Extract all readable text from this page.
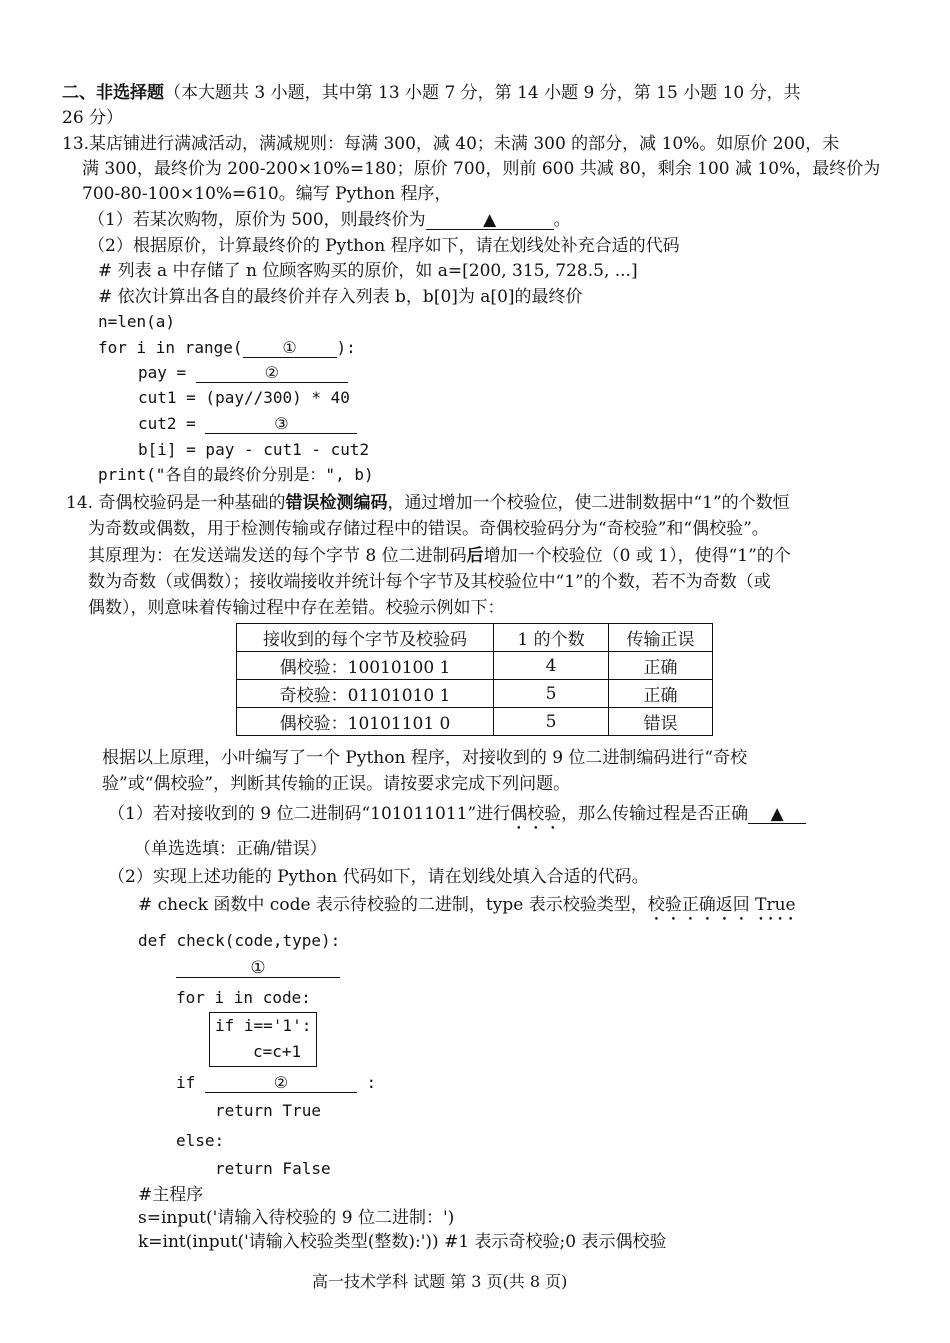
二、非选择题（本大题共 3 小题，其中第 13 小题 7 分，第 14 小题 9 分，第 15 小题 10 分，共
26 分）
13.某店铺进行满减活动，满减规则：每满 300，减 40；未满 300 的部分，减 10%。如原价 200，未
满 300，最终价为 200-200×10%=180；原价 700，则前 600 共减 80，剩余 100 减 10%，最终价为
700-80-100×10%=610。编写 Python 程序，
（1）若某次购物，原价为 500，则最终价为	▲	。
（2）根据原价，计算最终价的 Python 程序如下，请在划线处补充合适的代码
# 列表 a 中存储了 n 位顾客购买的原价，如 a=[200, 315, 728.5, ...]
# 依次计算出各自的最终价并存入列表 b，b[0]为 a[0]的最终价
n=len(a)
for i in range( ① ):
pay =	②
cut1 = (pay//300) * 40
cut2 =	③
b[i] = pay - cut1 - cut2
print("各自的最终价分别是：", b)
14. 奇偶校验码是一种基础的错误检测编码，通过增加一个校验位，使二进制数据中“1”的个数恒
为奇数或偶数，用于检测传输或存储过程中的错误。奇偶校验码分为“奇校验”和“偶校验”。
其原理为：在发送端发送的每个字节 8 位二进制码后增加一个校验位（0 或 1），使得“1”的个
数为奇数（或偶数）；接收端接收并统计每个字节及其校验位中“1”的个数，若不为奇数（或
偶数），则意味着传输过程中存在差错。校验示例如下：
接收到的每个字节及校验码	1 的个数	传输正误
偶校验：10010100 1	4	正确
奇校验：01101010 1	5	正确
偶校验：10101101 0	5	错误
根据以上原理，小叶编写了一个 Python 程序，对接收到的 9 位二进制编码进行“奇校
验”或“偶校验”，判断其传输的正误。请按要求完成下列问题。
（1）若对接收到的 9 位二进制码“101011011”进行偶校验，那么传输过程是否正确 ▲
（单选选填：正确/错误）
（2）实现上述功能的 Python 代码如下，请在划线处填入合适的代码。
# check 函数中 code 表示待校验的二进制，type 表示校验类型，校验正确返回 True
def check(code,type):
①
for i in code:
if i=='1':
c=c+1
if	②	:
return True
else:
return False
#主程序
s=input('请输入待校验的 9 位二进制：')
k=int(input('请输入校验类型(整数):')) #1 表示奇校验;0 表示偶校验
高一技术学科 试题 第 3 页(共 8 页)
